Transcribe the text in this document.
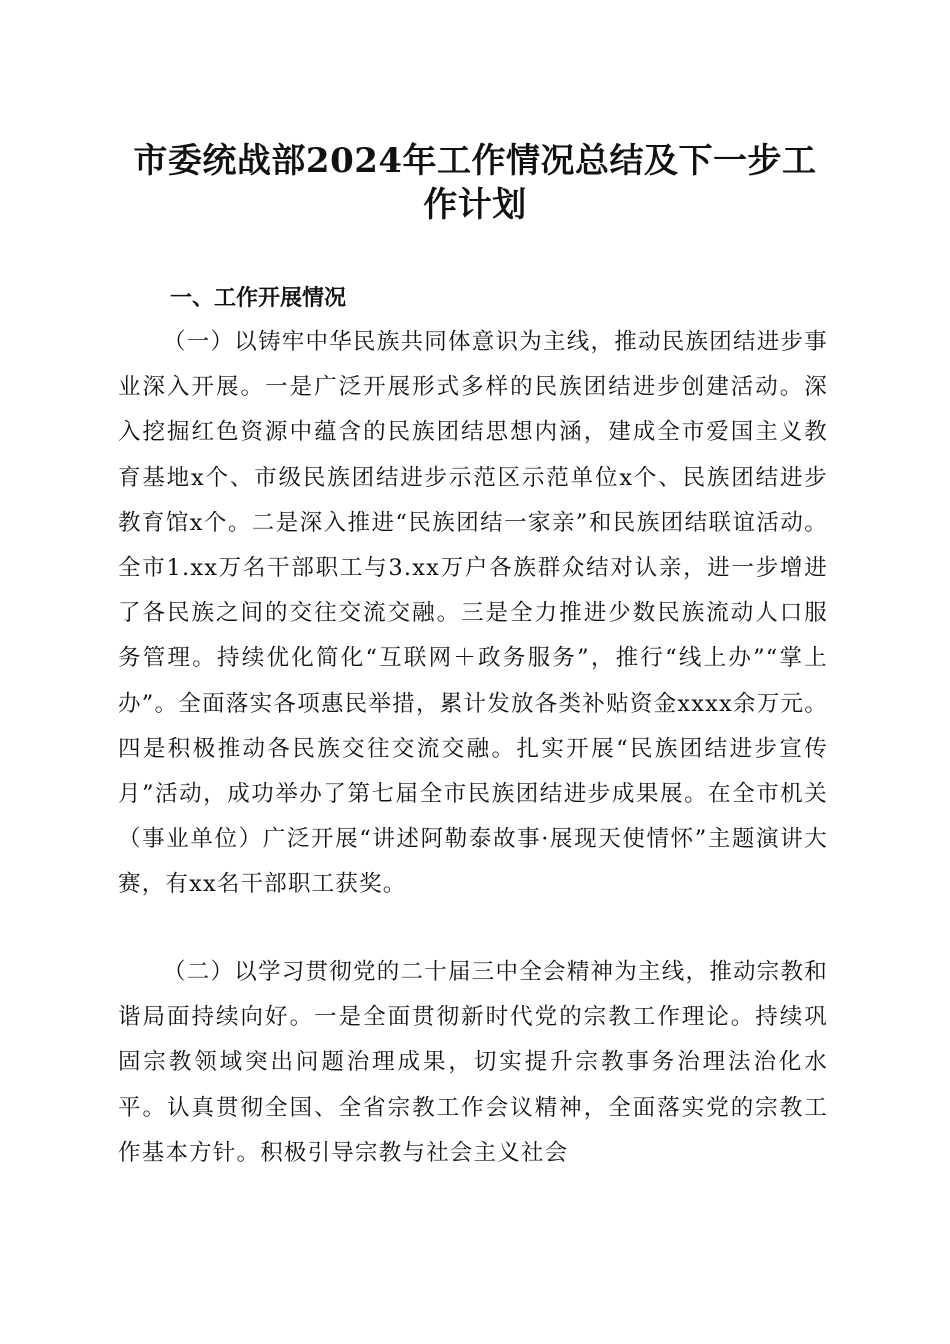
市委统战部2024年工作情况总结及下一步工作计划
一、工作开展情况

（一）以铸牢中华民族共同体意识为主线，推动民族团结进步事业深入开展。一是广泛开展形式多样的民族团结进步创建活动。深入挖掘红色资源中蕴含的民族团结思想内涵，建成全市爱国主义教育基地x个、市级民族团结进步示范区示范单位x个、民族团结进步教育馆x个。二是深入推进“民族团结一家亲”和民族团结联谊活动。全市1.xx万名干部职工与3.xx万户各族群众结对认亲，进一步增进了各民族之间的交往交流交融。三是全力推进少数民族流动人口服务管理。持续优化简化“互联网＋政务服务”，推行“线上办”“掌上办”。全面落实各项惠民举措，累计发放各类补贴资金xxxx余万元。四是积极推动各民族交往交流交融。扎实开展“民族团结进步宣传月”活动，成功举办了第七届全市民族团结进步成果展。在全市机关（事业单位）广泛开展“讲述阿勒泰故事·展现天使情怀”主题演讲大赛，有xx名干部职工获奖。

（二）以学习贯彻党的二十届三中全会精神为主线，推动宗教和谐局面持续向好。一是全面贯彻新时代党的宗教工作理论。持续巩固宗教领域突出问题治理成果，切实提升宗教事务治理法治化水平。认真贯彻全国、全省宗教工作会议精神，全面落实党的宗教工作基本方针。积极引导宗教与社会主义社会
